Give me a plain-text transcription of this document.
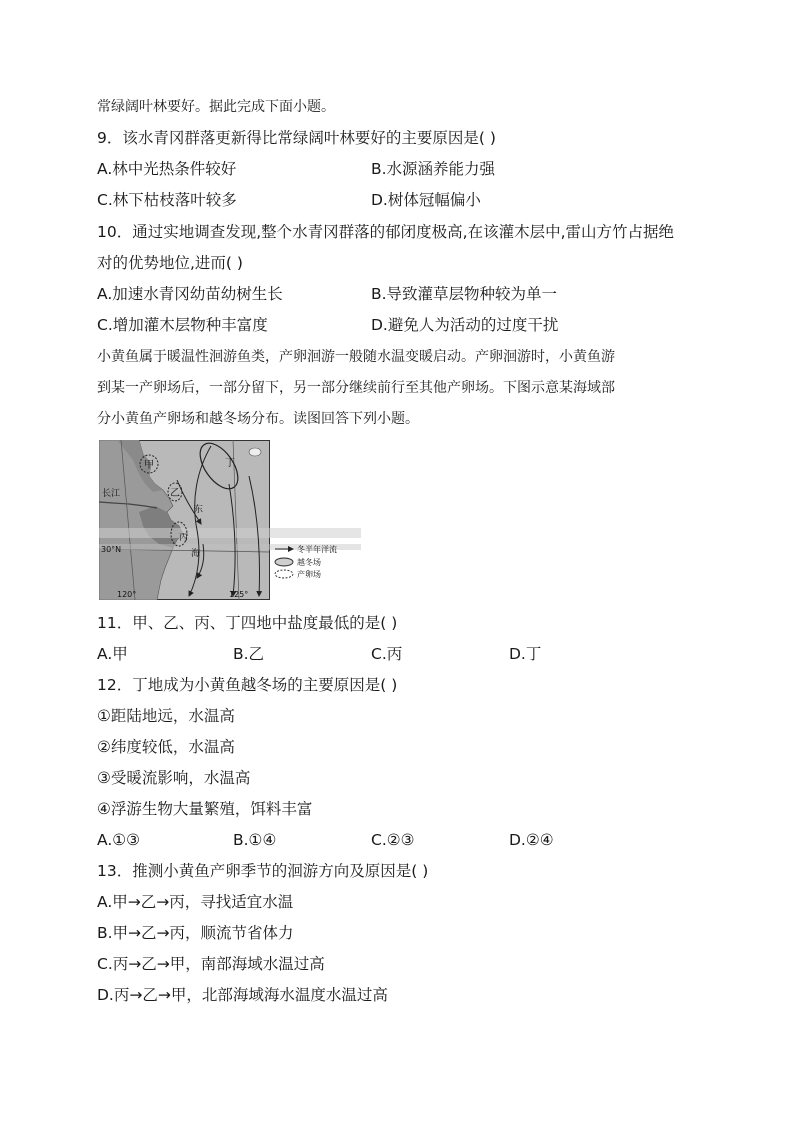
常绿阔叶林要好。据此完成下面小题。
9．该水青冈群落更新得比常绿阔叶林要好的主要原因是( )
A.林中光热条件较好	B.水源涵养能力强
C.林下枯枝落叶较多	D.树体冠幅偏小
10．通过实地调查发现,整个水青冈群落的郁闭度极高,在该灌木层中,雷山方竹占据绝
对的优势地位,进而( )
A.加速水青冈幼苗幼树生长	B.导致灌草层物种较为单一
C.增加灌木层物种丰富度	D.避免人为活动的过度干扰
小黄鱼属于暖温性洄游鱼类，产卵洄游一般随水温变暖启动。产卵洄游时，小黄鱼游
到某一产卵场后，一部分留下，另一部分继续前行至其他产卵场。下图示意某海域部
分小黄鱼产卵场和越冬场分布。读图回答下列小题。
甲
乙
丙
丁
长江
东
海
30°N
120°	125°
冬半年洋流
越冬场
产卵场
11．甲、乙、丙、丁四地中盐度最低的是( )
A.甲	B.乙	C.丙	D.丁
12．丁地成为小黄鱼越冬场的主要原因是( )
①距陆地远，水温高
②纬度较低，水温高
③受暖流影响，水温高
④浮游生物大量繁殖，饵料丰富
A.①③	B.①④	C.②③	D.②④
13．推测小黄鱼产卵季节的洄游方向及原因是( )
A.甲→乙→丙，寻找适宜水温
B.甲→乙→丙，顺流节省体力
C.丙→乙→甲，南部海域水温过高
D.丙→乙→甲，北部海域海水温度水温过高
